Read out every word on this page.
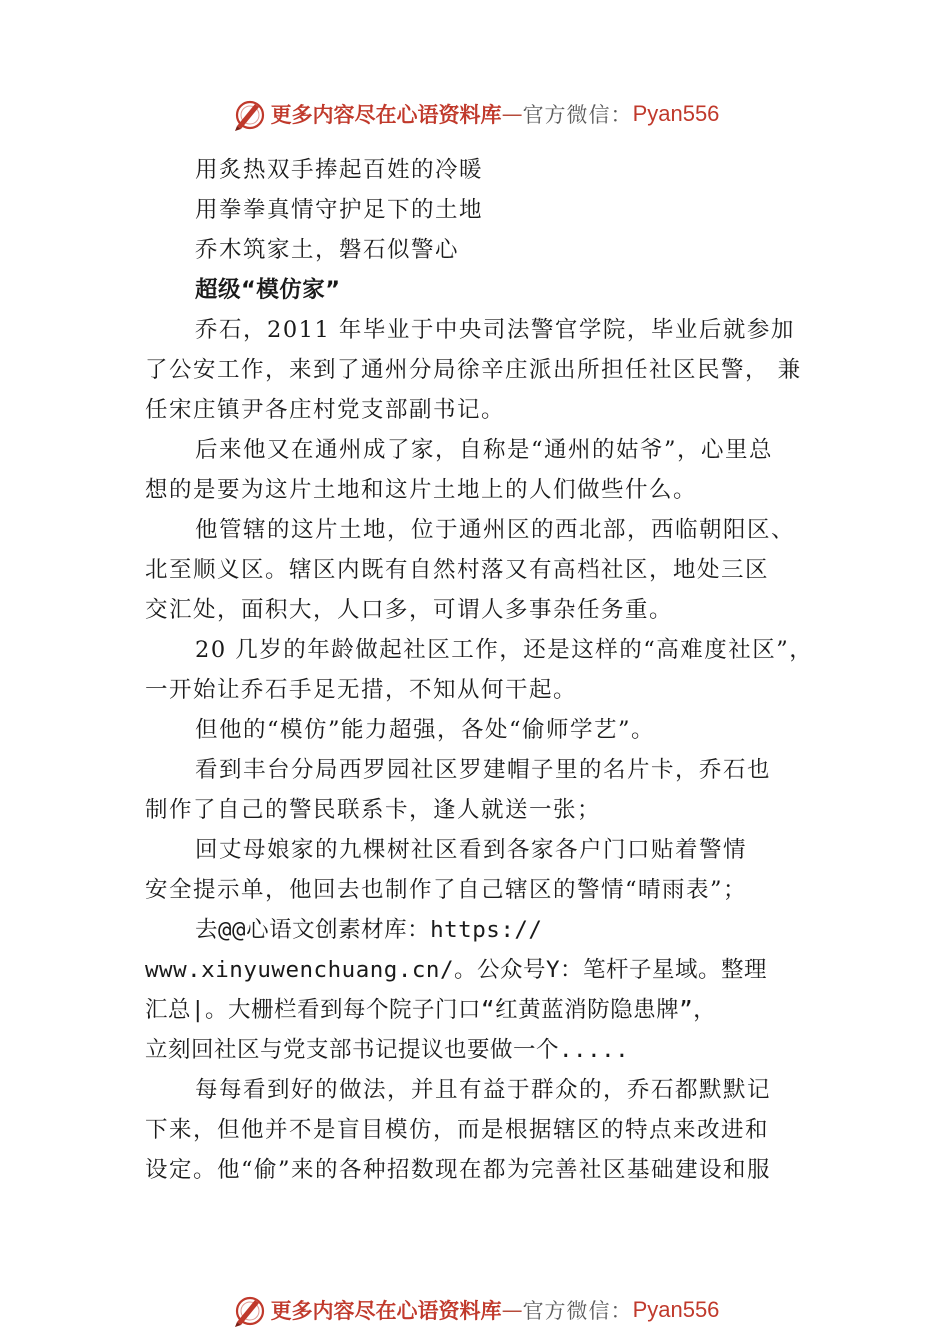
更多内容尽在心语资料库 — 官方微信： Pyan556
用炙热双手捧起百姓的冷暖
用拳拳真情守护足下的土地
乔木筑家土，磐石似警心
超级“模仿家”
乔石，2011 年毕业于中央司法警官学院，毕业后就参加
了公安工作，来到了通州分局徐辛庄派出所担任社区民警， 兼
任宋庄镇尹各庄村党支部副书记。
后来他又在通州成了家，自称是“通州的姑爷”，心里总
想的是要为这片土地和这片土地上的人们做些什么。
他管辖的这片土地，位于通州区的西北部，西临朝阳区、
北至顺义区。辖区内既有自然村落又有高档社区，地处三区
交汇处，面积大，人口多，可谓人多事杂任务重。
20 几岁的年龄做起社区工作，还是这样的“高难度社区”，
一开始让乔石手足无措，不知从何干起。
但他的“模仿”能力超强，各处“偷师学艺”。
看到丰台分局西罗园社区罗建帽子里的名片卡，乔石也
制作了自己的警民联系卡，逢人就送一张；
回丈母娘家的九棵树社区看到各家各户门口贴着警情
安全提示单，他回去也制作了自己辖区的警情“晴雨表”；
去@@心语文创素材库：https://
www.xinyuwenchuang.cn/。公众号Y：笔杆子星域。整理
汇总|。大栅栏看到每个院子门口“红黄蓝消防隐患牌”，
立刻回社区与党支部书记提议也要做一个.....
每每看到好的做法，并且有益于群众的，乔石都默默记
下来，但他并不是盲目模仿，而是根据辖区的特点来改进和
设定。他“偷”来的各种招数现在都为完善社区基础建设和服
更多内容尽在心语资料库 — 官方微信： Pyan556
